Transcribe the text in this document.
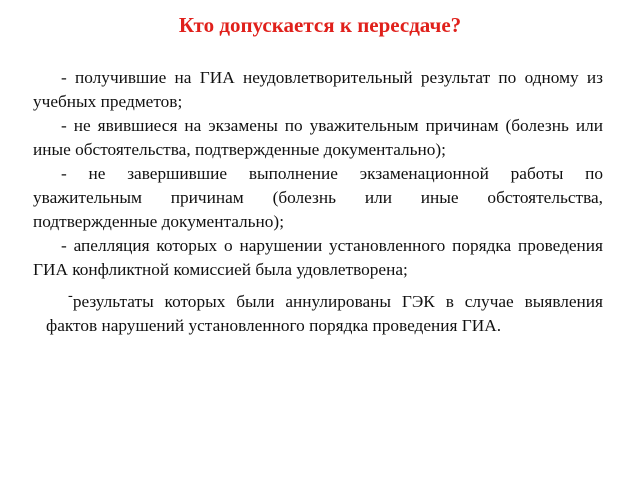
Кто допускается к пересдаче?

- получившие на ГИА неудовлетворительный результат по одному из учебных предметов;

- не явившиеся на экзамены по уважительным причинам (болезнь или иные обстоятельства, подтвержденные документально);

- не завершившие выполнение экзаменационной работы по уважительным причинам (болезнь или иные обстоятельства, подтвержденные документально);

- апелляция которых о нарушении установленного порядка проведения ГИА конфликтной комиссией была удовлетворена;

-результаты которых были аннулированы ГЭК в случае выявления фактов нарушений установленного порядка проведения ГИА.
